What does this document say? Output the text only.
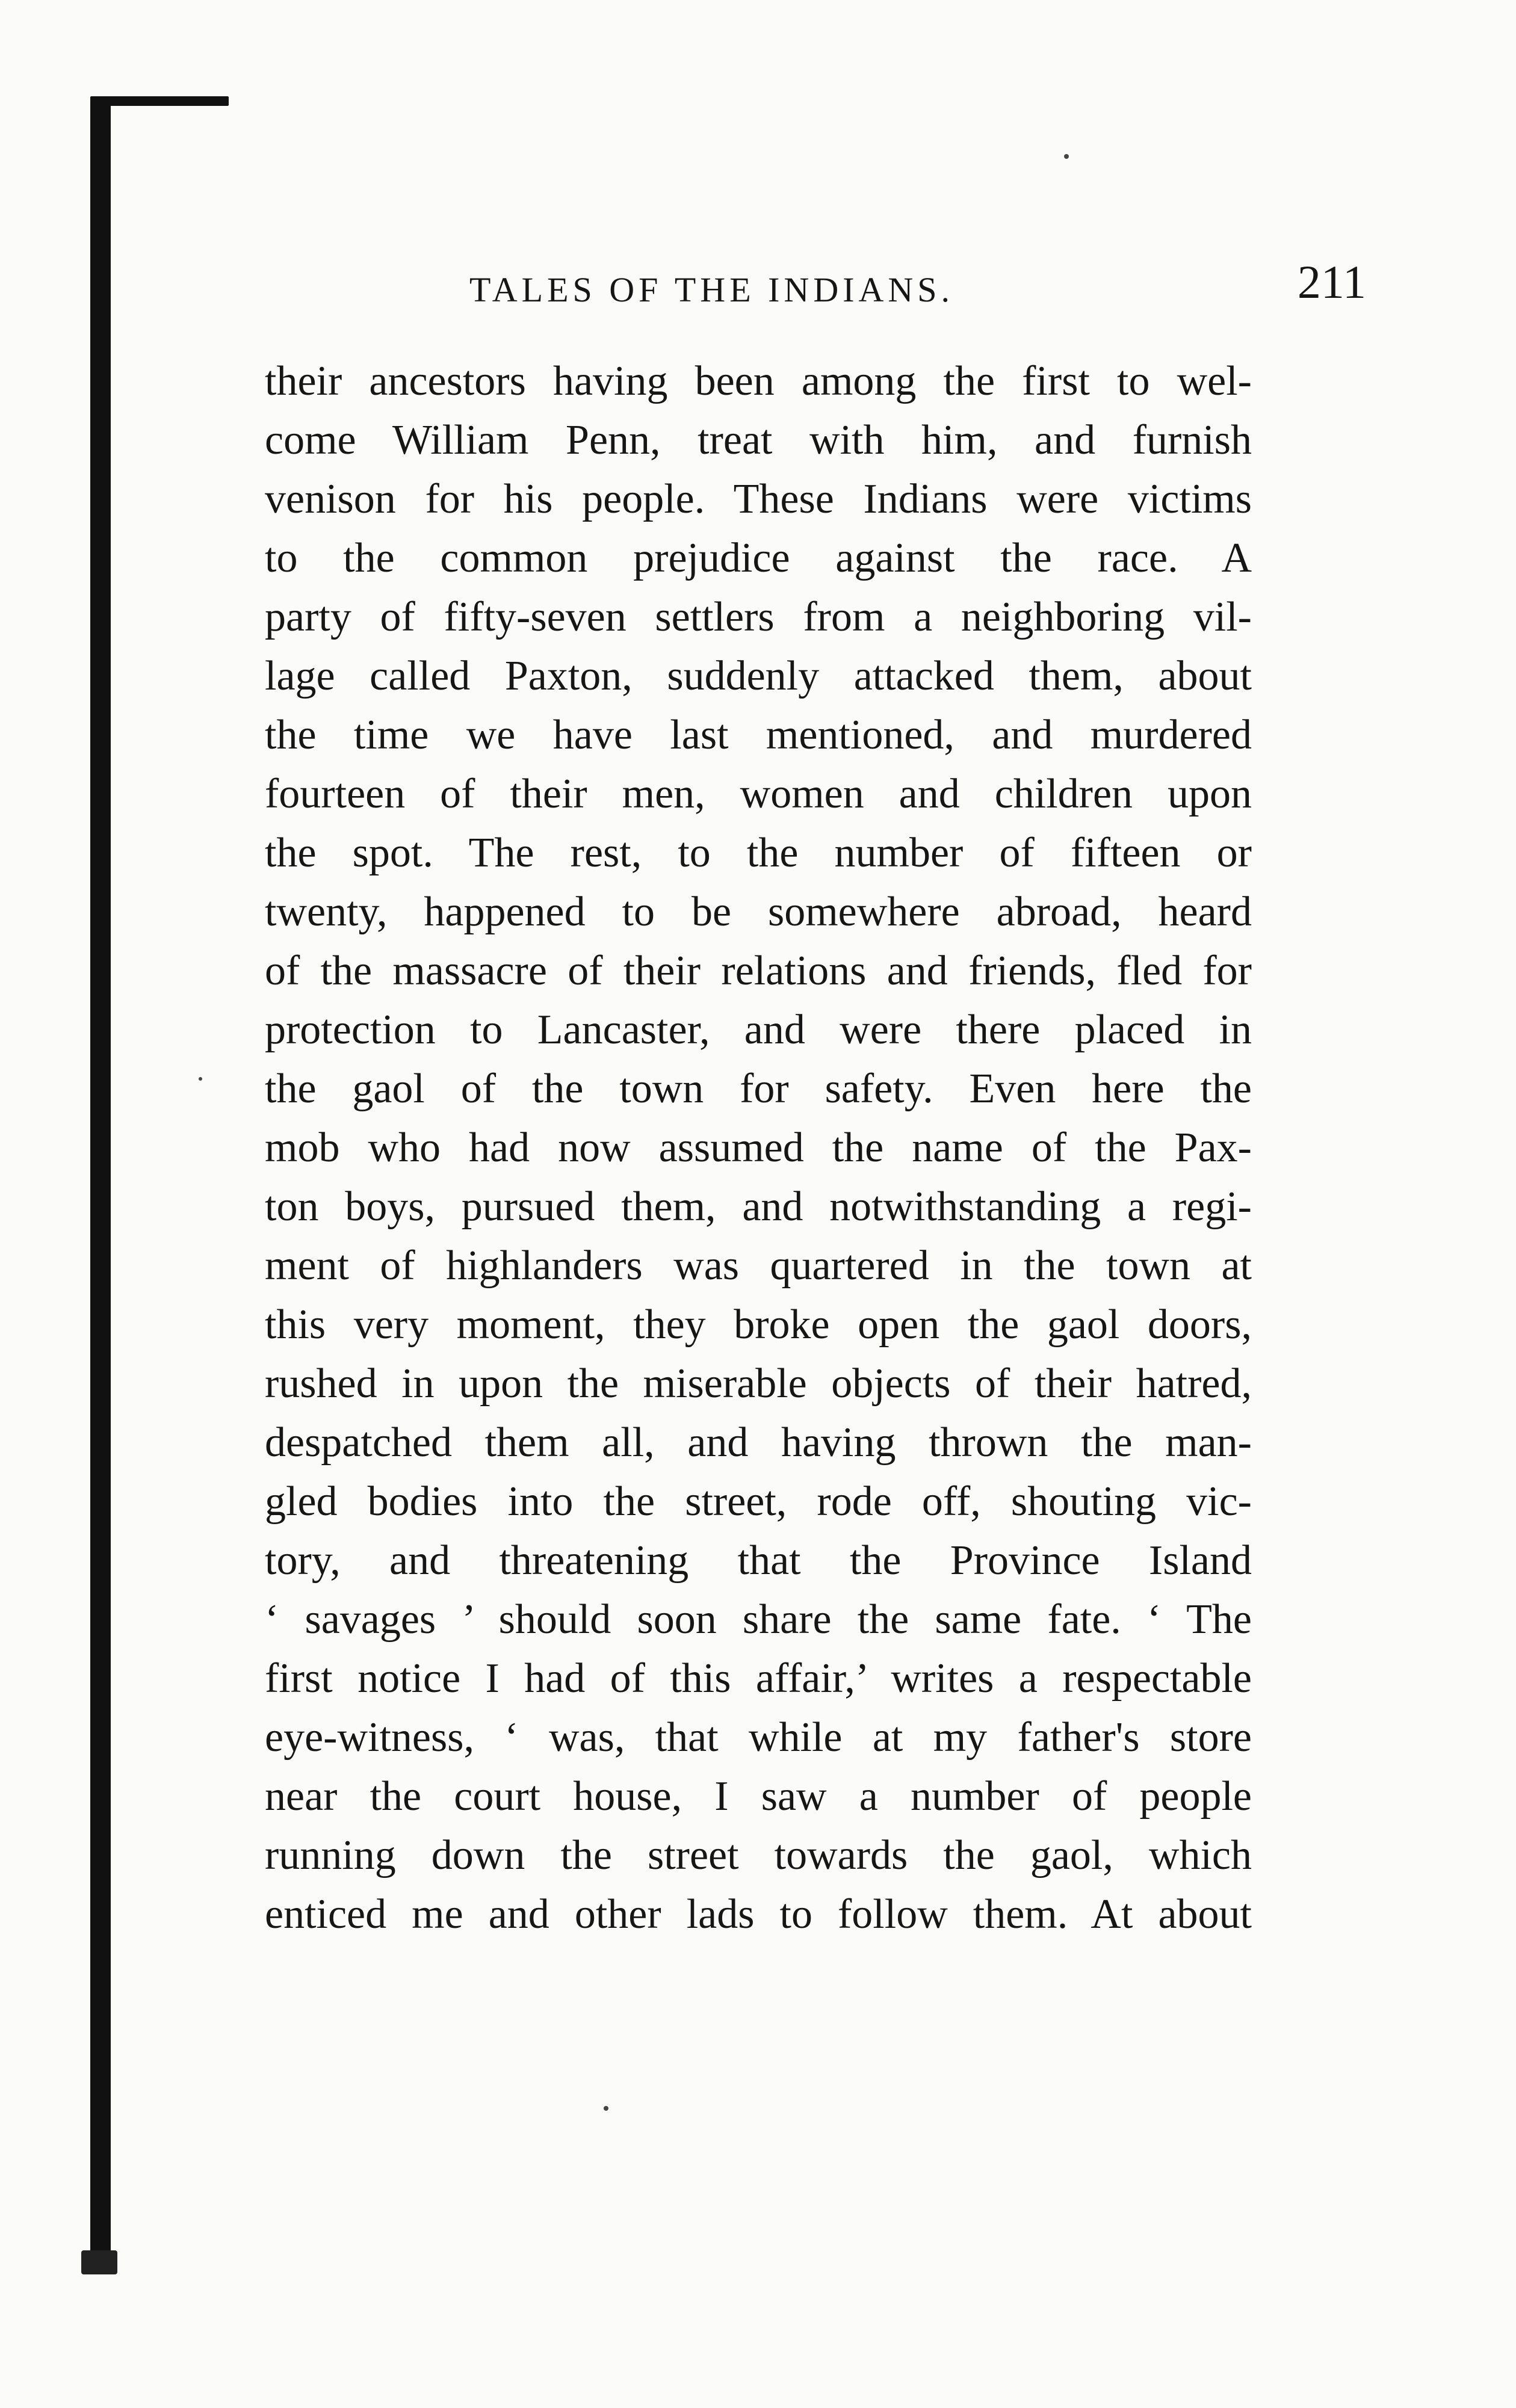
TALES OF THE INDIANS.	211
their ancestors having been among the first to wel-
come William Penn, treat with him, and furnish
venison for his people. These Indians were victims
to the common prejudice against the race. A
party of fifty-seven settlers from a neighboring vil-
lage called Paxton, suddenly attacked them, about
the time we have last mentioned, and murdered
fourteen of their men, women and children upon
the spot. The rest, to the number of fifteen or
twenty, happened to be somewhere abroad, heard
of the massacre of their relations and friends, fled for
protection to Lancaster, and were there placed in
the gaol of the town for safety. Even here the
mob who had now assumed the name of the Pax-
ton boys, pursued them, and notwithstanding a regi-
ment of highlanders was quartered in the town at
this very moment, they broke open the gaol doors,
rushed in upon the miserable objects of their hatred,
despatched them all, and having thrown the man-
gled bodies into the street, rode off, shouting vic-
tory, and threatening that the Province Island
‘ savages ’ should soon share the same fate. ‘ The
first notice I had of this affair,’ writes a respectable
eye-witness, ‘ was, that while at my father's store
near the court house, I saw a number of people
running down the street towards the gaol, which
enticed me and other lads to follow them. At about
